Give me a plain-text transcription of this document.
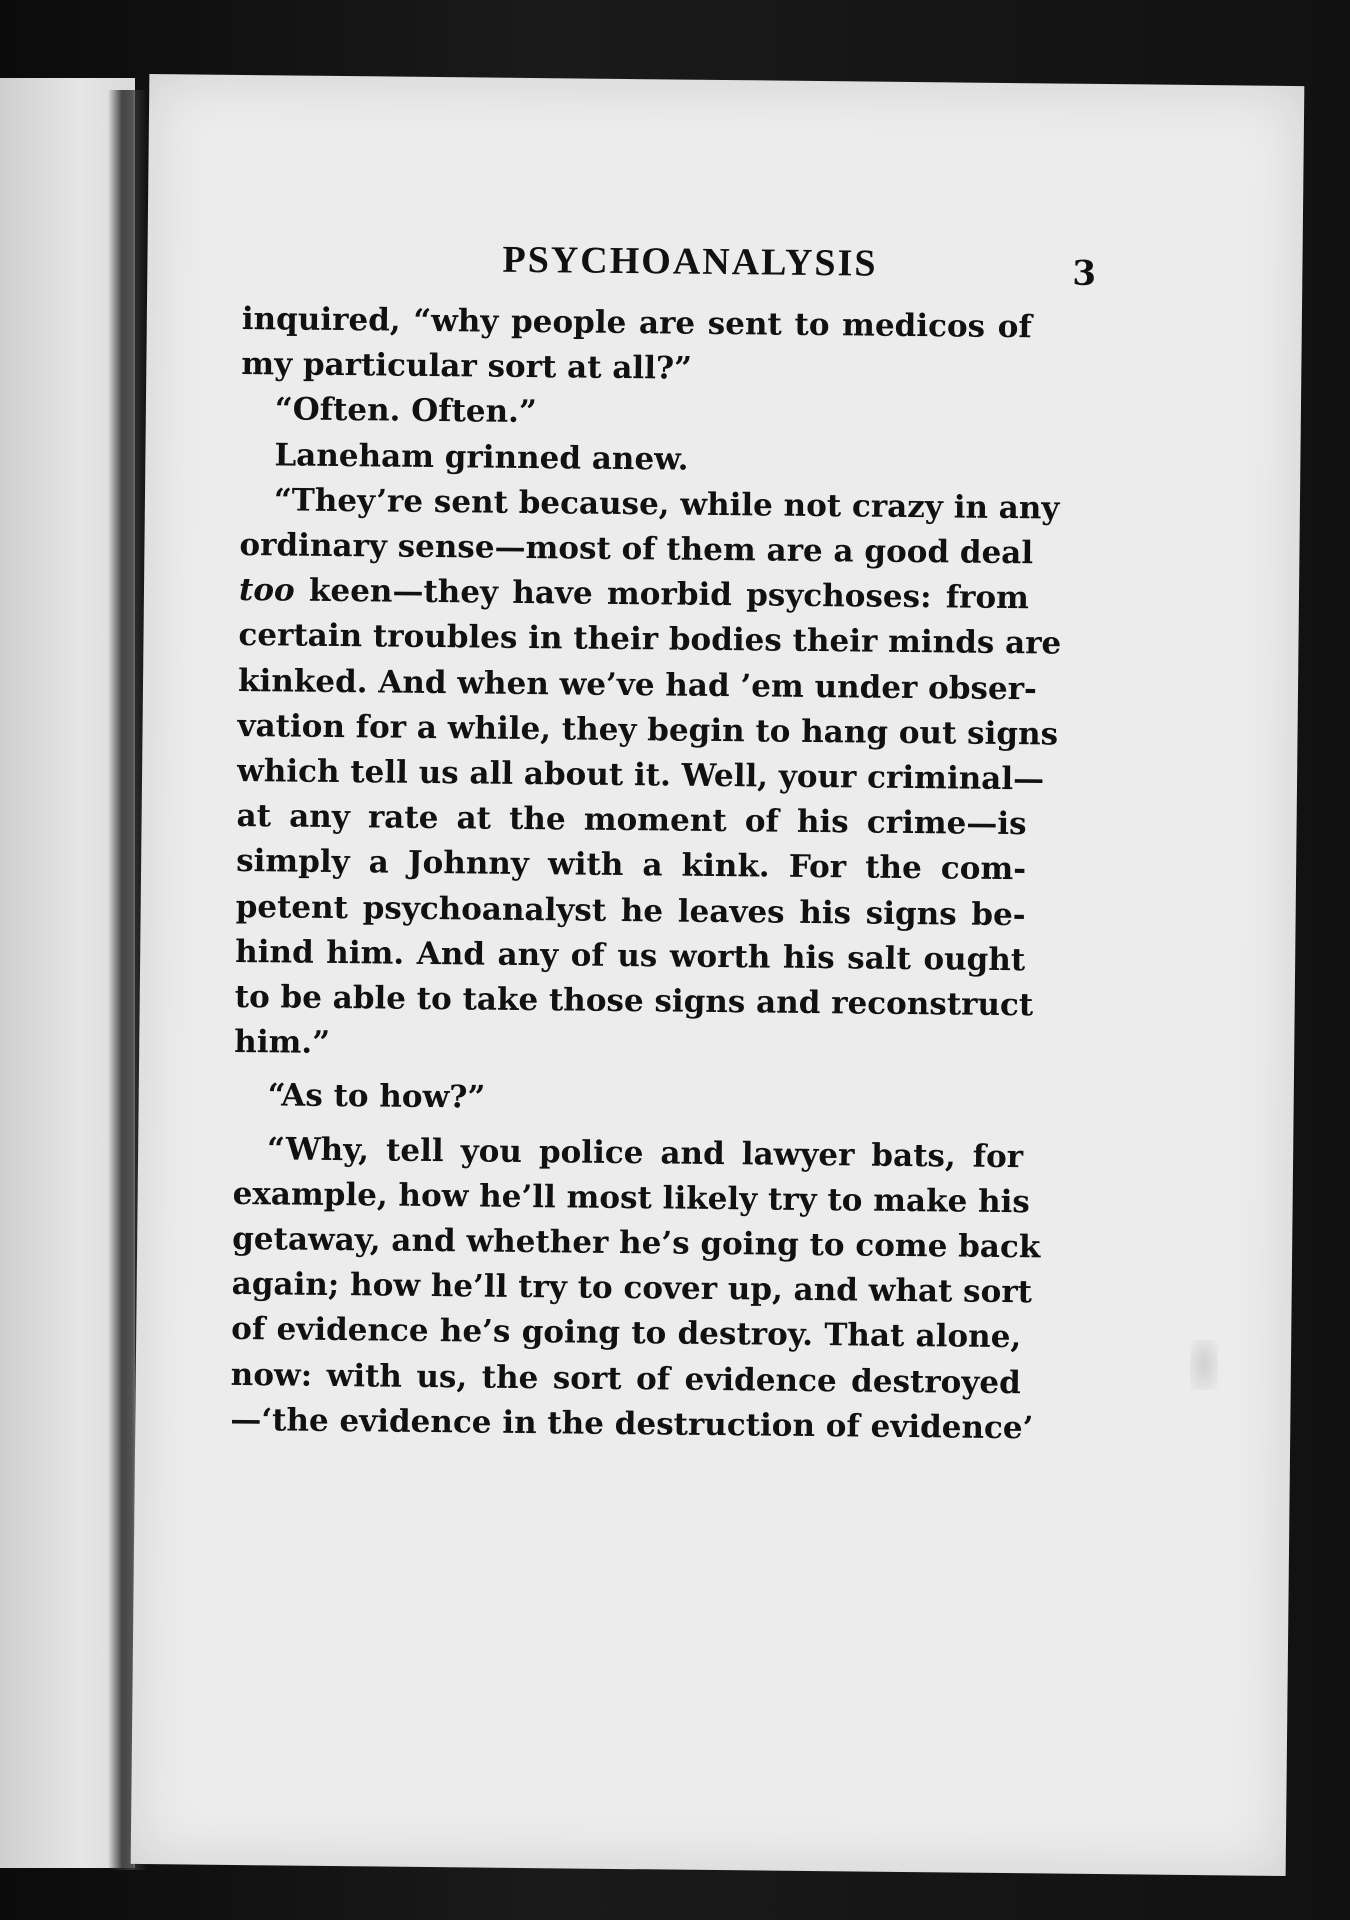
PSYCHOANALYSIS	3

inquired, “why people are sent to medicos of
my particular sort at all?”

“Often. Often.”

Laneham grinned anew.

“They’re sent because, while not crazy in any
ordinary sense—most of them are a good deal
too keen—they have morbid psychoses: from
certain troubles in their bodies their minds are
kinked. And when we’ve had ’em under obser-
vation for a while, they begin to hang out signs
which tell us all about it. Well, your criminal—
at any rate at the moment of his crime—is
simply a Johnny with a kink. For the com-
petent psychoanalyst he leaves his signs be-
hind him. And any of us worth his salt ought
to be able to take those signs and reconstruct
him.”

“As to how?”

“Why, tell you police and lawyer bats, for
example, how he’ll most likely try to make his
getaway, and whether he’s going to come back
again; how he’ll try to cover up, and what sort
of evidence he’s going to destroy. That alone,
now: with us, the sort of evidence destroyed
—‘the evidence in the destruction of evidence’
